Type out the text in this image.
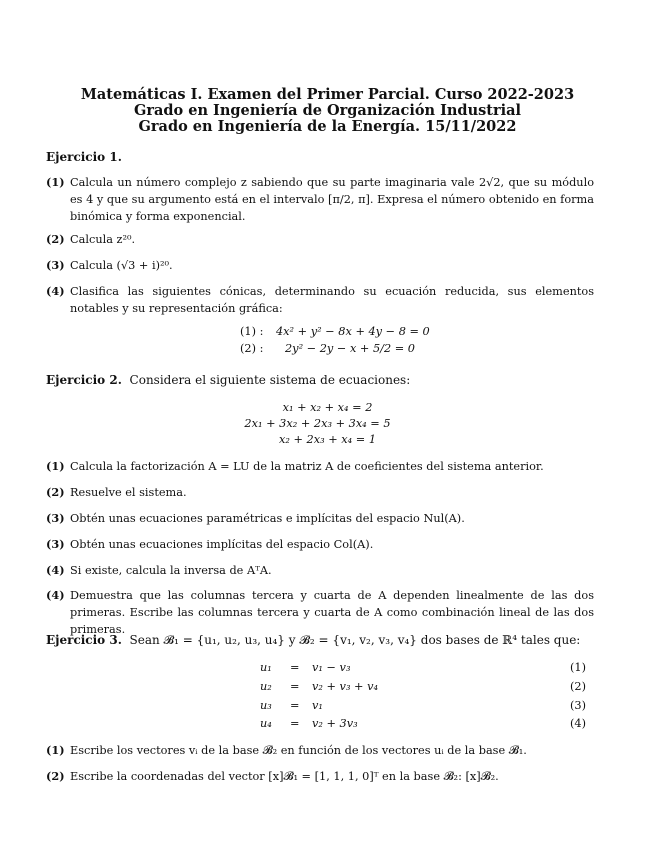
Matemáticas I. Examen del Primer Parcial. Curso 2022-2023
Grado en Ingeniería de Organización Industrial
Grado en Ingeniería de la Energía. 15/11/2022
Ejercicio 1.
(1) Calcula un número complejo z sabiendo que su parte imaginaria vale 2√2, que su módulo es 4 y que su argumento está en el intervalo [π/2, π]. Expresa el número obtenido en forma binómica y forma exponencial.
(2) Calcula z²⁰.
(3) Calcula (√3 + i)²⁰.
(4) Clasifica las siguientes cónicas, determinando su ecuación reducida, sus elementos notables y su representación gráfica:
(1) : 4x² + y² − 8x + 4y − 8 = 0
(2) : 2y² − 2y − x + 5/2 = 0
Ejercicio 2. Considera el siguiente sistema de ecuaciones:
x₁ + x₂ + x₄ = 2
2x₁ + 3x₂ + 2x₃ + 3x₄ = 5
x₂ + 2x₃ + x₄ = 1
(1) Calcula la factorización A = LU de la matriz A de coeficientes del sistema anterior.
(2) Resuelve el sistema.
(3) Obtén unas ecuaciones paramétricas e implícitas del espacio Nul(A).
(3) Obtén unas ecuaciones implícitas del espacio Col(A).
(4) Si existe, calcula la inversa de AᵀA.
(4) Demuestra que las columnas tercera y cuarta de A dependen linealmente de las dos primeras. Escribe las columnas tercera y cuarta de A como combinación lineal de las dos primeras.
Ejercicio 3. Sean 𝓑₁ = {u₁, u₂, u₃, u₄} y 𝓑₂ = {v₁, v₂, v₃, v₄} dos bases de ℝ⁴ tales que:
u₁ = v₁ − v₃	(1)
u₂ = v₂ + v₃ + v₄	(2)
u₃ = v₁	(3)
u₄ = v₂ + 3v₃	(4)
(1) Escribe los vectores vᵢ de la base 𝓑₂ en función de los vectores uᵢ de la base 𝓑₁.
(2) Escribe la coordenadas del vector [x]𝓑₁ = [1, 1, 1, 0]ᵀ en la base 𝓑₂: [x]𝓑₂.
